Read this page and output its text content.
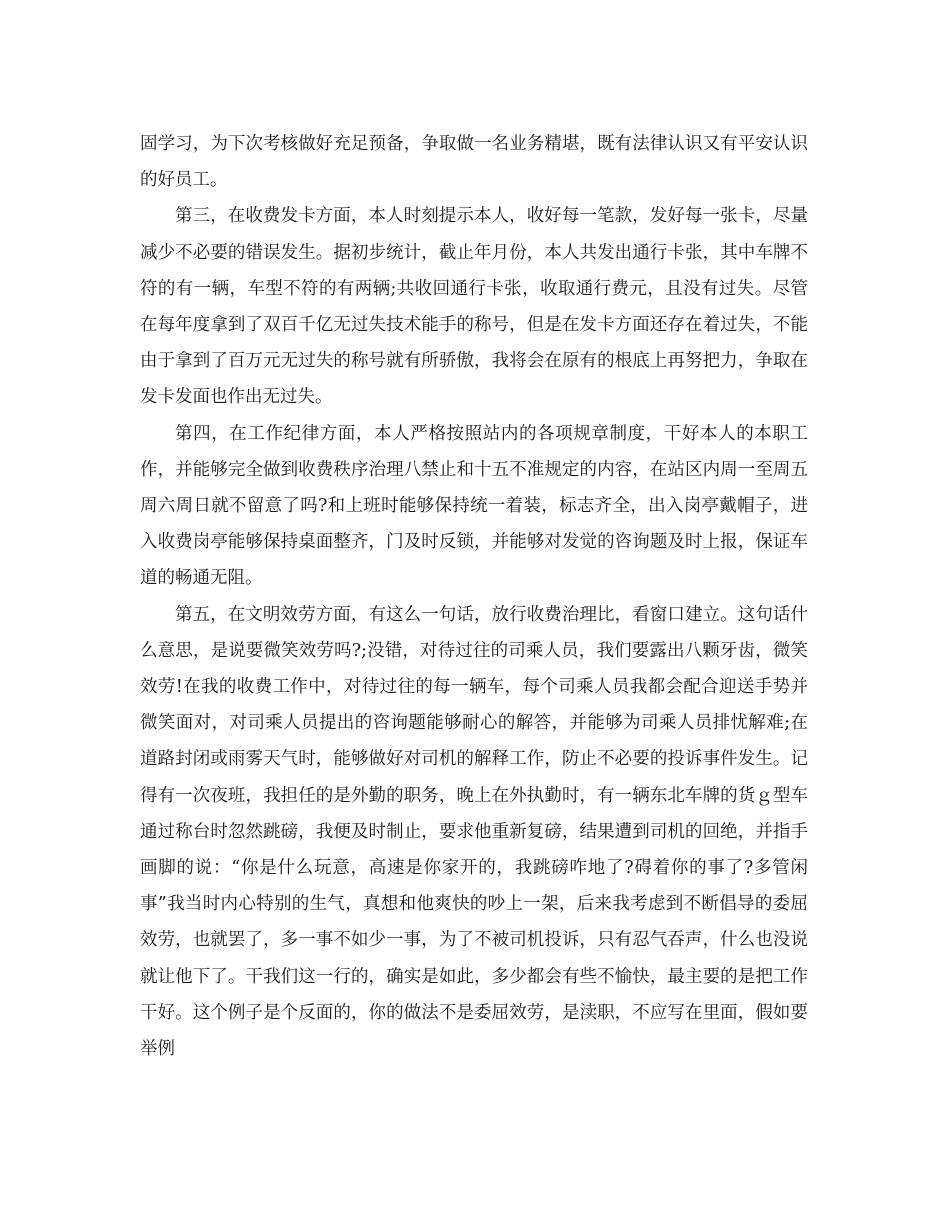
固学习，为下次考核做好充足预备，争取做一名业务精堪，既有法律认识又有平安认识的好员工。

第三，在收费发卡方面，本人时刻提示本人，收好每一笔款，发好每一张卡，尽量减少不必要的错误发生。据初步统计，截止年月份，本人共发出通行卡张，其中车牌不符的有一辆，车型不符的有两辆;共收回通行卡张，收取通行费元，且没有过失。尽管在每年度拿到了双百千亿无过失技术能手的称号，但是在发卡方面还存在着过失，不能由于拿到了百万元无过失的称号就有所骄傲，我将会在原有的根底上再努把力，争取在发卡发面也作出无过失。

第四，在工作纪律方面，本人严格按照站内的各项规章制度，干好本人的本职工作，并能够完全做到收费秩序治理八禁止和十五不准规定的内容，在站区内周一至周五周六周日就不留意了吗?和上班时能够保持统一着装，标志齐全，出入岗亭戴帽子，进入收费岗亭能够保持桌面整齐，门及时反锁，并能够对发觉的咨询题及时上报，保证车道的畅通无阻。

第五，在文明效劳方面，有这么一句话，放行收费治理比，看窗口建立。这句话什么意思，是说要微笑效劳吗?;没错，对待过往的司乘人员，我们要露出八颗牙齿，微笑效劳!在我的收费工作中，对待过往的每一辆车，每个司乘人员我都会配合迎送手势并微笑面对，对司乘人员提出的咨询题能够耐心的解答，并能够为司乘人员排忧解难;在道路封闭或雨雾天气时，能够做好对司机的解释工作，防止不必要的投诉事件发生。记得有一次夜班，我担任的是外勤的职务，晚上在外执勤时，有一辆东北车牌的货ｇ型车通过称台时忽然跳磅，我便及时制止，要求他重新复磅，结果遭到司机的回绝，并指手画脚的说：“你是什么玩意，高速是你家开的，我跳磅咋地了?碍着你的事了?多管闲事”我当时内心特别的生气，真想和他爽快的吵上一架，后来我考虑到不断倡导的委屈效劳，也就罢了，多一事不如少一事，为了不被司机投诉，只有忍气吞声，什么也没说就让他下了。干我们这一行的，确实是如此，多少都会有些不愉快，最主要的是把工作干好。这个例子是个反面的，你的做法不是委屈效劳，是渎职，不应写在里面，假如要举例
